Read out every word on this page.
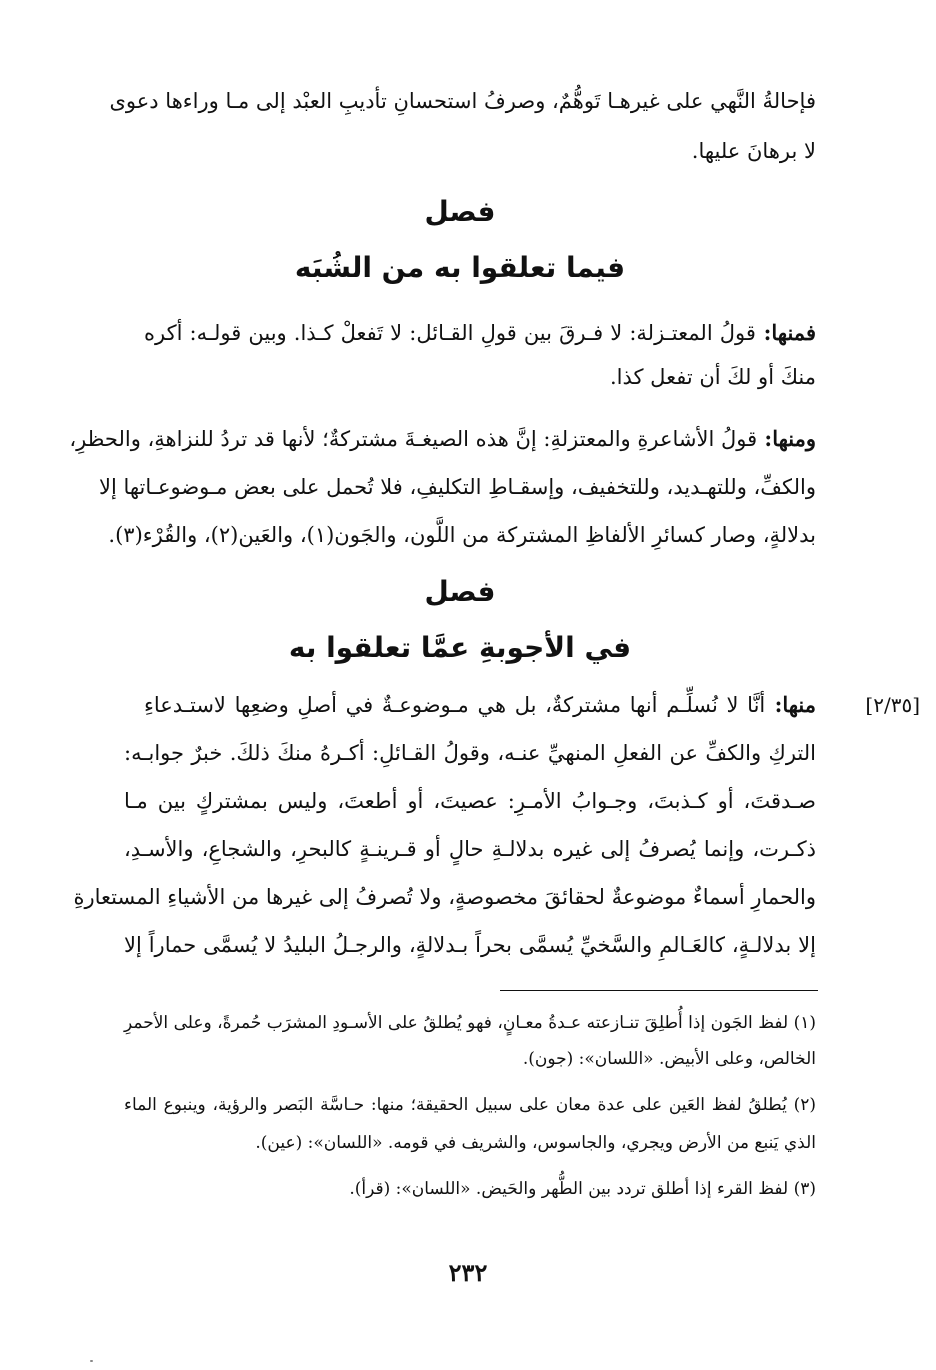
فإحالةُ النَّهي على غيرهـا تَوهُّمٌ، وصرفُ استحسانِ تأديبِ العبْد إلى مـا وراءها دعوى
لا برهانَ عليها.
فصل
فيما تعلقوا به من الشُبَه
فمنها: قولُ المعتـزلة: لا فـرقَ بين قولِ القـائل: لا تَفعلْ كـذا. وبين قولـه: أكره
منكَ أو لكَ أن تفعل كذا.
ومنها: قولُ الأشاعرةِ والمعتزلةِ: إنَّ هذه الصيغـةَ مشتركةٌ؛ لأنها قد تردُ للنزاهةِ، والحظرِ،
والكفِّ، وللتهـديد، وللتخفيف، وإسقـاطِ التكليفِ، فلا تُحمل على بعض مـوضوعـاتها إلا
بدلالةٍ، وصار كسائرِ الألفاظِ المشتركة من اللَّون، والجَون(١)، والعَين(٢)، والقُرْء(٣).
فصل
في الأجوبةِ عمَّا تعلقوا به
[٢/٣٥]
منها: أنَّا لا نُسلِّـم أنها مشتركةٌ، بل هي مـوضوعـةٌ في أصلِ وضعِها لاستـدعاءِ
التركِ والكفِّ عن الفعلِ المنهيِّ عنـه، وقولُ القـائلِ: أكـرهُ منكَ ذلكَ. خبرٌ جوابـه:
صـدقتَ، أو كـذبتَ، وجـوابُ الأمـرِ: عصيتَ، أو أطعتَ، وليس بمشتركٍ بين مـا
ذكـرت، وإنما يُصرفُ إلى غيره بدلالـةِ حالٍ أو قـرينـةٍ كالبحرِ، والشجاعِ، والأسـدِ،
والحمارِ أسماءٌ موضوعةٌ لحقائقَ مخصوصةٍ، ولا تُصرفُ إلى غيرها من الأشياءِ المستعارةِ
إلا بدلالـةٍ، كالعَـالمِ والسَّخيِّ يُسمَّى بحراً بـدلالةٍ، والرجـلُ البليدُ لا يُسمَّى حماراً إلا
(١) لفظ الجَون إذا أُطلِقَ تنـازعته عـدةُ معـانٍ، فهو يُطلقُ على الأسـودِ المشرَب حُمرةً، وعلى الأحمرِ
الخالص، وعلى الأبيض. «اللسان»: (جون).
(٢) يُطلقُ لفظ العَين على عدة معان على سبيل الحقيقة؛ منها: حـاسَّة البَصر والرؤية، وينبوع الماء
الذي يَنبع من الأرض ويجري، والجاسوس، والشريف في قومه. «اللسان»: (عين).
(٣) لفظ القرء إذا أطلق تردد بين الطُّهر والحَيض. «اللسان»: (قرأ).
٢٣٢
